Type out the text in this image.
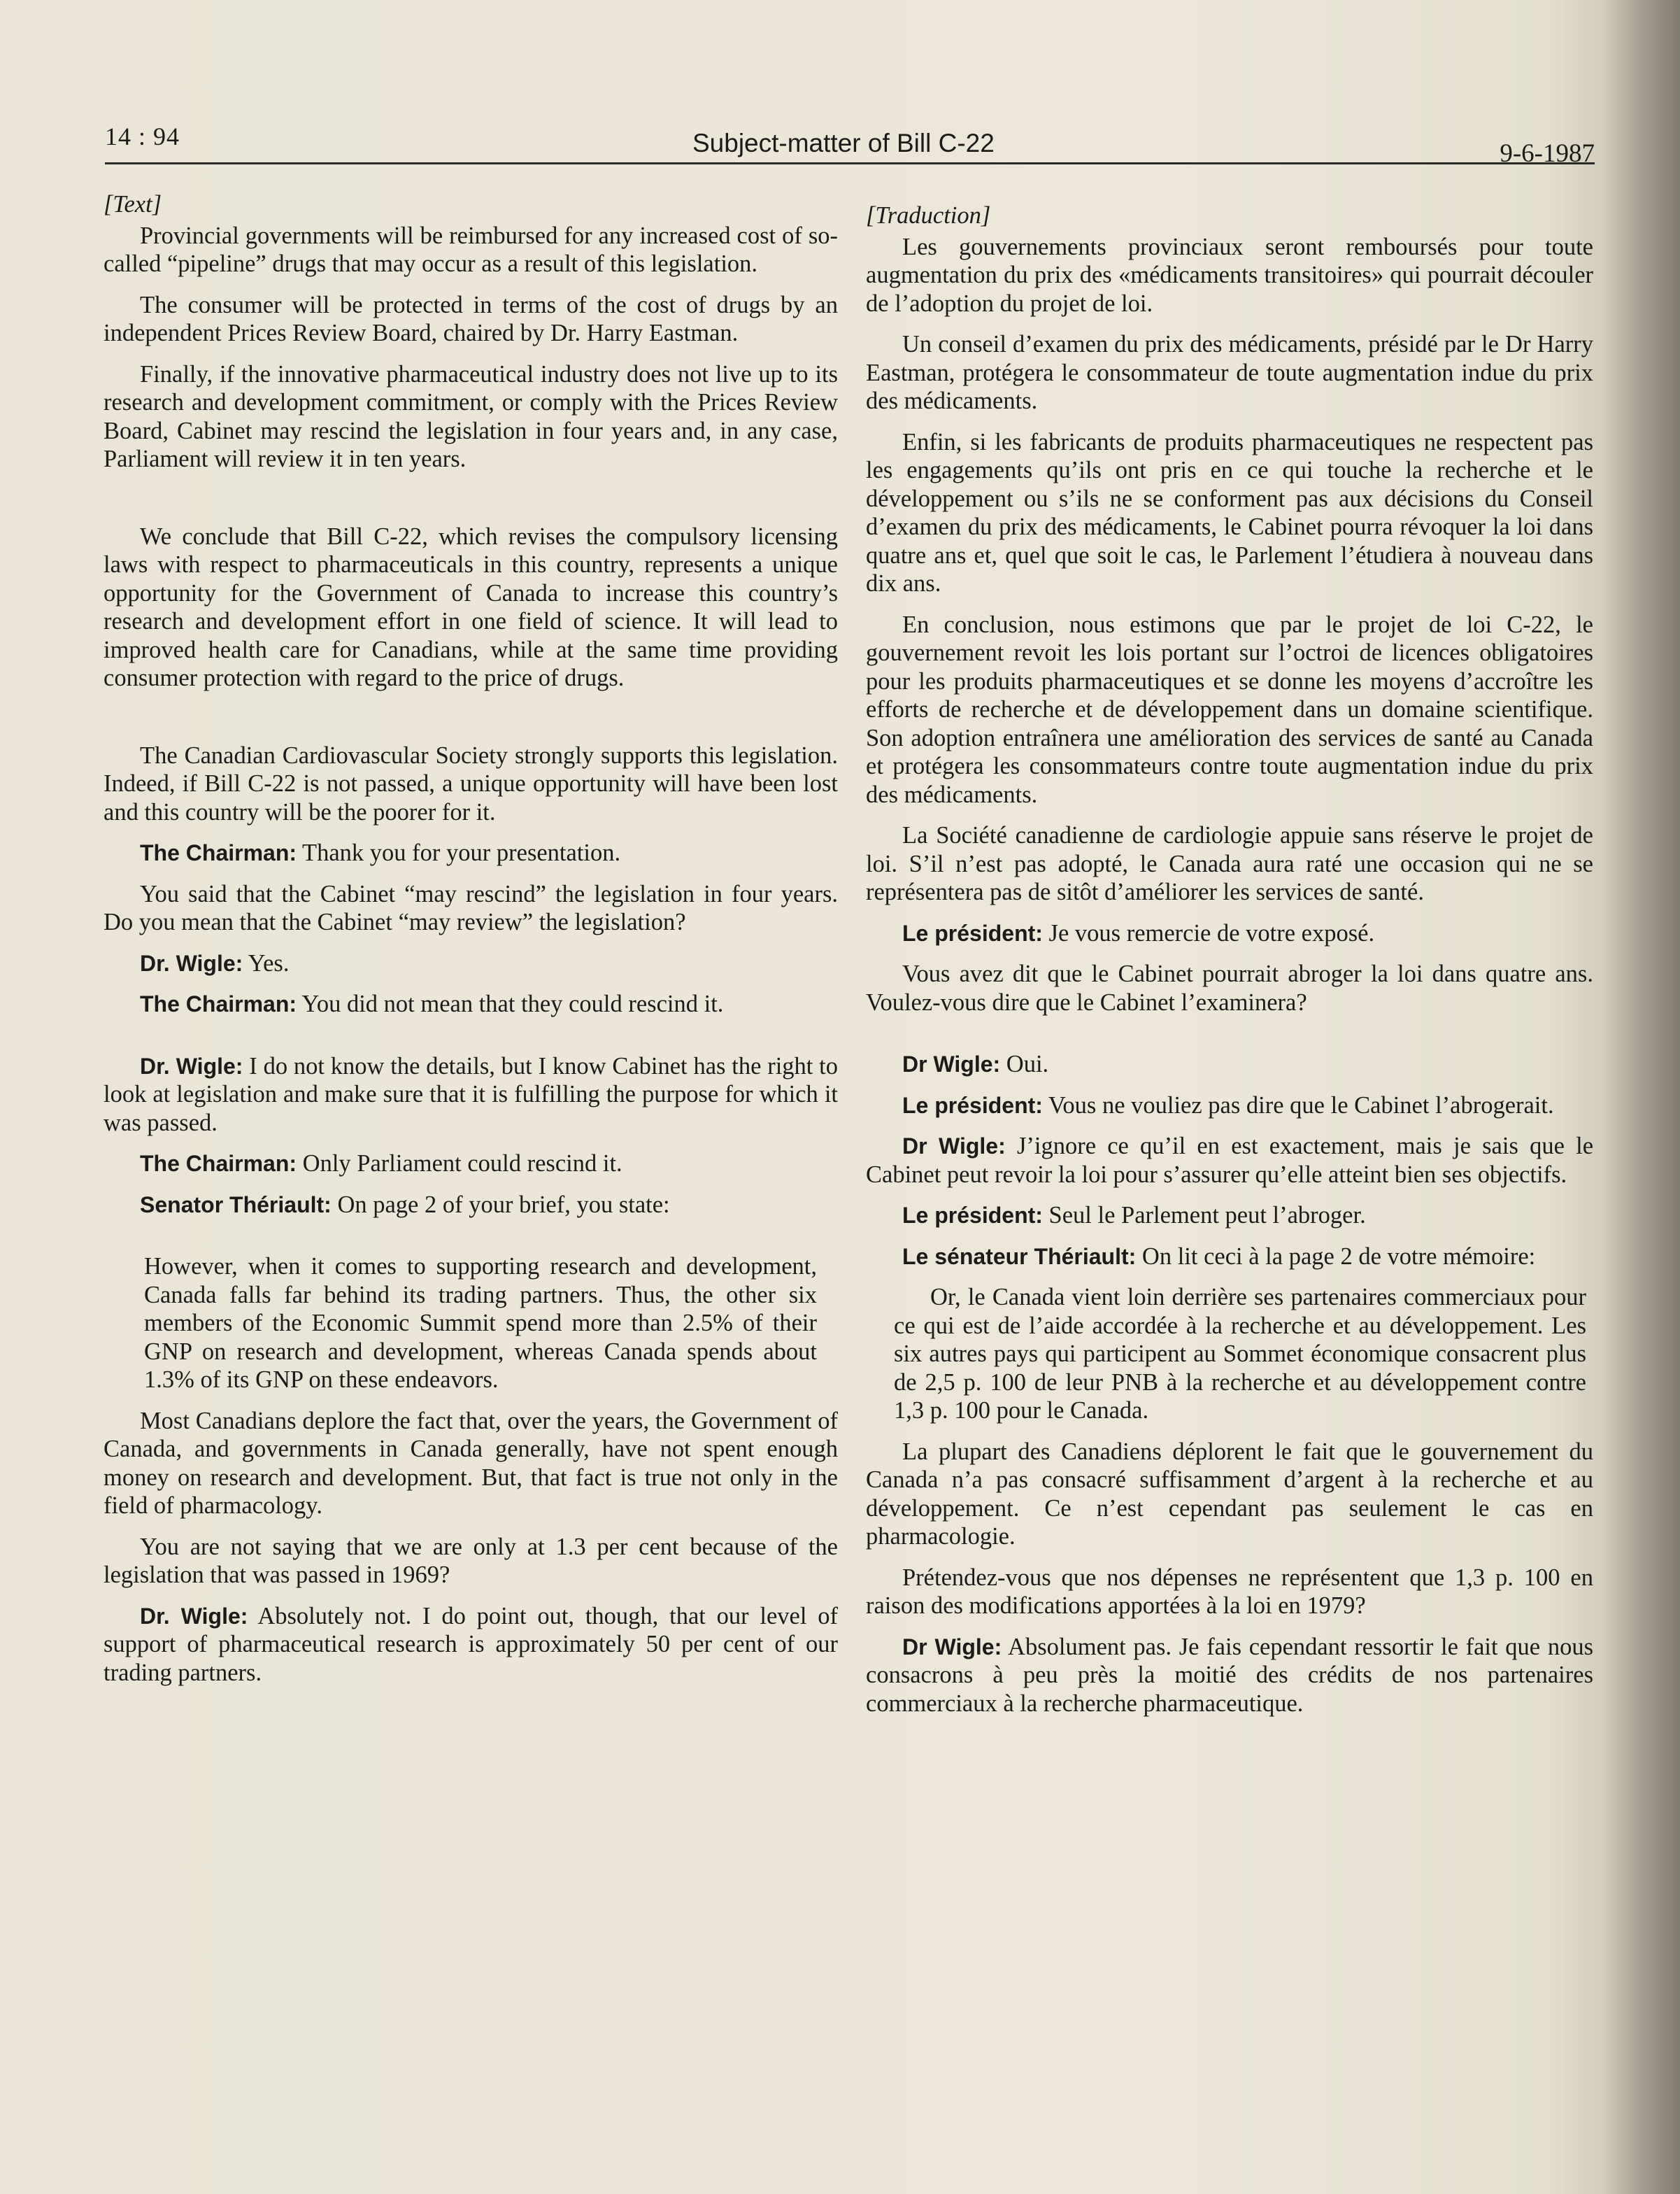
14 : 94	Subject-matter of Bill C-22	9-6-1987

[Text]

Provincial governments will be reimbursed for any increased cost of so-called “pipeline” drugs that may occur as a result of this legislation.

The consumer will be protected in terms of the cost of drugs by an independent Prices Review Board, chaired by Dr. Harry Eastman.

Finally, if the innovative pharmaceutical industry does not live up to its research and development commitment, or comply with the Prices Review Board, Cabinet may rescind the legislation in four years and, in any case, Parliament will review it in ten years.

We conclude that Bill C-22, which revises the compulsory licensing laws with respect to pharmaceuticals in this country, represents a unique opportunity for the Government of Canada to increase this country’s research and development effort in one field of science. It will lead to improved health care for Canadians, while at the same time providing consumer protection with regard to the price of drugs.

The Canadian Cardiovascular Society strongly supports this legislation. Indeed, if Bill C-22 is not passed, a unique opportunity will have been lost and this country will be the poorer for it.

The Chairman: Thank you for your presentation.

You said that the Cabinet “may rescind” the legislation in four years. Do you mean that the Cabinet “may review” the legislation?

Dr. Wigle: Yes.

The Chairman: You did not mean that they could rescind it.

Dr. Wigle: I do not know the details, but I know Cabinet has the right to look at legislation and make sure that it is fulfilling the purpose for which it was passed.

The Chairman: Only Parliament could rescind it.

Senator Thériault: On page 2 of your brief, you state:

However, when it comes to supporting research and development, Canada falls far behind its trading partners. Thus, the other six members of the Economic Summit spend more than 2.5% of their GNP on research and development, whereas Canada spends about 1.3% of its GNP on these endeavors.

Most Canadians deplore the fact that, over the years, the Government of Canada, and governments in Canada generally, have not spent enough money on research and development. But, that fact is true not only in the field of pharmacology.

You are not saying that we are only at 1.3 per cent because of the legislation that was passed in 1969?

Dr. Wigle: Absolutely not. I do point out, though, that our level of support of pharmaceutical research is approximately 50 per cent of our trading partners.

[Traduction]

Les gouvernements provinciaux seront remboursés pour toute augmentation du prix des «médicaments transitoires» qui pourrait découler de l’adoption du projet de loi.

Un conseil d’examen du prix des médicaments, présidé par le Dr Harry Eastman, protégera le consommateur de toute augmentation indue du prix des médicaments.

Enfin, si les fabricants de produits pharmaceutiques ne respectent pas les engagements qu’ils ont pris en ce qui touche la recherche et le développement ou s’ils ne se conforment pas aux décisions du Conseil d’examen du prix des médicaments, le Cabinet pourra révoquer la loi dans quatre ans et, quel que soit le cas, le Parlement l’étudiera à nouveau dans dix ans.

En conclusion, nous estimons que par le projet de loi C-22, le gouvernement revoit les lois portant sur l’octroi de licences obligatoires pour les produits pharmaceutiques et se donne les moyens d’accroître les efforts de recherche et de développement dans un domaine scientifique. Son adoption entraînera une amélioration des services de santé au Canada et protégera les consommateurs contre toute augmentation indue du prix des médicaments.

La Société canadienne de cardiologie appuie sans réserve le projet de loi. S’il n’est pas adopté, le Canada aura raté une occasion qui ne se représentera pas de sitôt d’améliorer les services de santé.

Le président: Je vous remercie de votre exposé.

Vous avez dit que le Cabinet pourrait abroger la loi dans quatre ans. Voulez-vous dire que le Cabinet l’examinera?

Dr Wigle: Oui.

Le président: Vous ne vouliez pas dire que le Cabinet l’abrogerait.

Dr Wigle: J’ignore ce qu’il en est exactement, mais je sais que le Cabinet peut revoir la loi pour s’assurer qu’elle atteint bien ses objectifs.

Le président: Seul le Parlement peut l’abroger.

Le sénateur Thériault: On lit ceci à la page 2 de votre mémoire:

Or, le Canada vient loin derrière ses partenaires commerciaux pour ce qui est de l’aide accordée à la recherche et au développement. Les six autres pays qui participent au Sommet économique consacrent plus de 2,5 p. 100 de leur PNB à la recherche et au développement contre 1,3 p. 100 pour le Canada.

La plupart des Canadiens déplorent le fait que le gouvernement du Canada n’a pas consacré suffisamment d’argent à la recherche et au développement. Ce n’est cependant pas seulement le cas en pharmacologie.

Prétendez-vous que nos dépenses ne représentent que 1,3 p. 100 en raison des modifications apportées à la loi en 1979?

Dr Wigle: Absolument pas. Je fais cependant ressortir le fait que nous consacrons à peu près la moitié des crédits de nos partenaires commerciaux à la recherche pharmaceutique.
